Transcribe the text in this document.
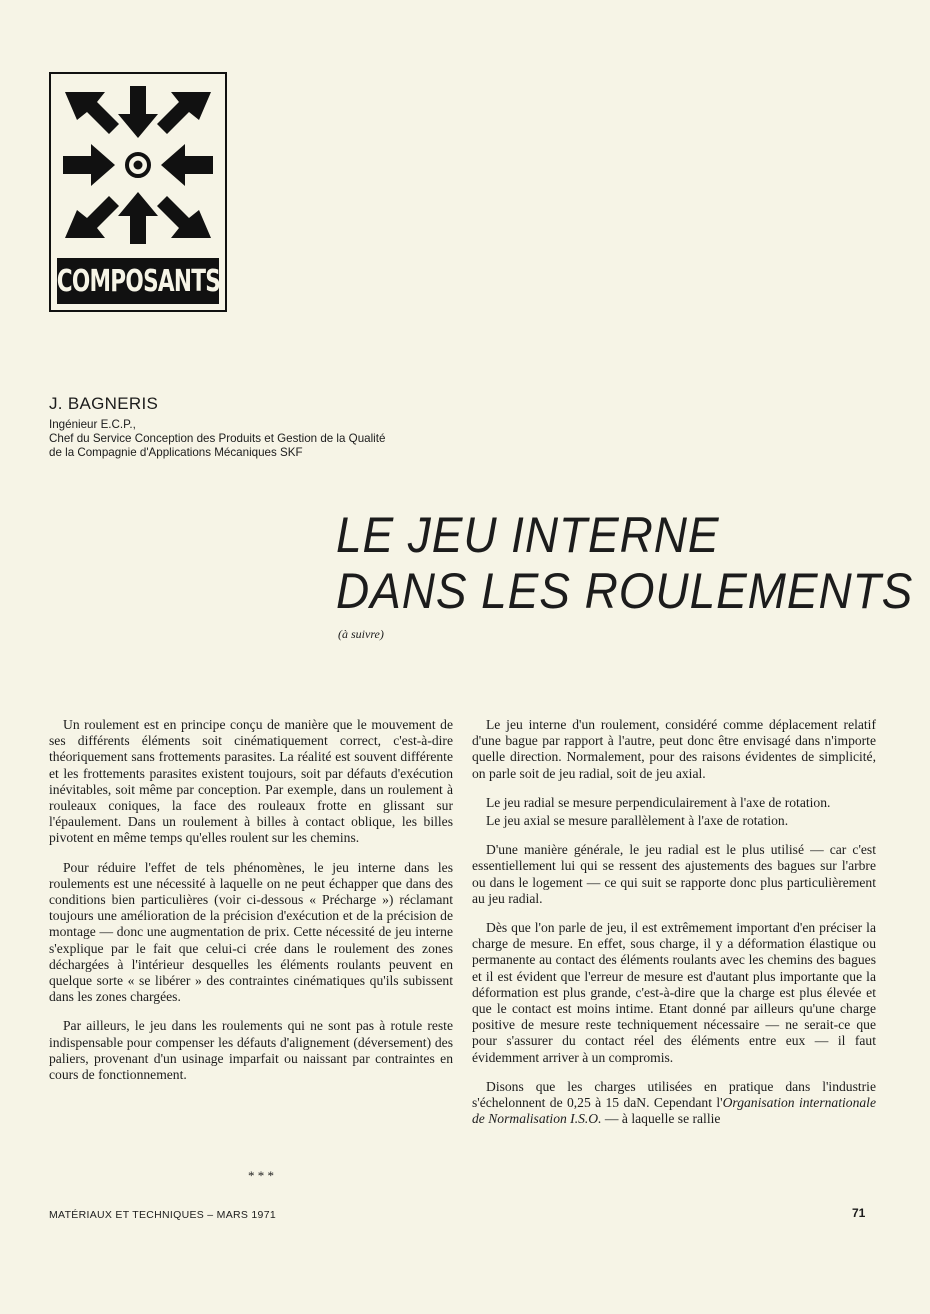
COMPOSANTS
J. BAGNERIS
Ingénieur E.C.P.,
Chef du Service Conception des Produits et Gestion de la Qualité
de la Compagnie d'Applications Mécaniques SKF
LE JEU INTERNE
DANS LES ROULEMENTS
(à suivre)

Un roulement est en principe conçu de manière que le mouvement de ses différents éléments soit cinématiquement correct, c'est-à-dire théoriquement sans frottements parasites. La réalité est souvent différente et les frottements parasites existent toujours, soit par défauts d'exécution inévitables, soit même par conception. Par exemple, dans un roulement à rouleaux coniques, la face des rouleaux frotte en glissant sur l'épaulement. Dans un roulement à billes à contact oblique, les billes pivotent en même temps qu'elles roulent sur les chemins.

Pour réduire l'effet de tels phénomènes, le jeu interne dans les roulements est une nécessité à laquelle on ne peut échapper que dans des conditions bien particulières (voir ci-dessous « Précharge ») réclamant toujours une amélioration de la précision d'exécution et de la précision de montage — donc une augmentation de prix. Cette nécessité de jeu interne s'explique par le fait que celui-ci crée dans le roulement des zones déchargées à l'intérieur desquelles les éléments roulants peuvent en quelque sorte « se libérer » des contraintes cinématiques qu'ils subissent dans les zones chargées.

Par ailleurs, le jeu dans les roulements qui ne sont pas à rotule reste indispensable pour compenser les défauts d'alignement (déversement) des paliers, provenant d'un usinage imparfait ou naissant par contraintes en cours de fonctionnement.

* * *

Le jeu interne d'un roulement, considéré comme déplacement relatif d'une bague par rapport à l'autre, peut donc être envisagé dans n'importe quelle direction. Normalement, pour des raisons évidentes de simplicité, on parle soit de jeu radial, soit de jeu axial.

Le jeu radial se mesure perpendiculairement à l'axe de rotation.

Le jeu axial se mesure parallèlement à l'axe de rotation.

D'une manière générale, le jeu radial est le plus utilisé — car c'est essentiellement lui qui se ressent des ajustements des bagues sur l'arbre ou dans le logement — ce qui suit se rapporte donc plus particulièrement au jeu radial.

Dès que l'on parle de jeu, il est extrêmement important d'en préciser la charge de mesure. En effet, sous charge, il y a déformation élastique ou permanente au contact des éléments roulants avec les chemins des bagues et il est évident que l'erreur de mesure est d'autant plus importante que la déformation est plus grande, c'est-à-dire que la charge est plus élevée et que le contact est moins intime. Etant donné par ailleurs qu'une charge positive de mesure reste techniquement nécessaire — ne serait-ce que pour s'assurer du contact réel des éléments entre eux — il faut évidemment arriver à un compromis.

Disons que les charges utilisées en pratique dans l'industrie s'échelonnent de 0,25 à 15 daN. Cependant l'Organisation internationale de Normalisation I.S.O. — à laquelle se rallie

MATÉRIAUX ET TECHNIQUES – MARS 1971	71
